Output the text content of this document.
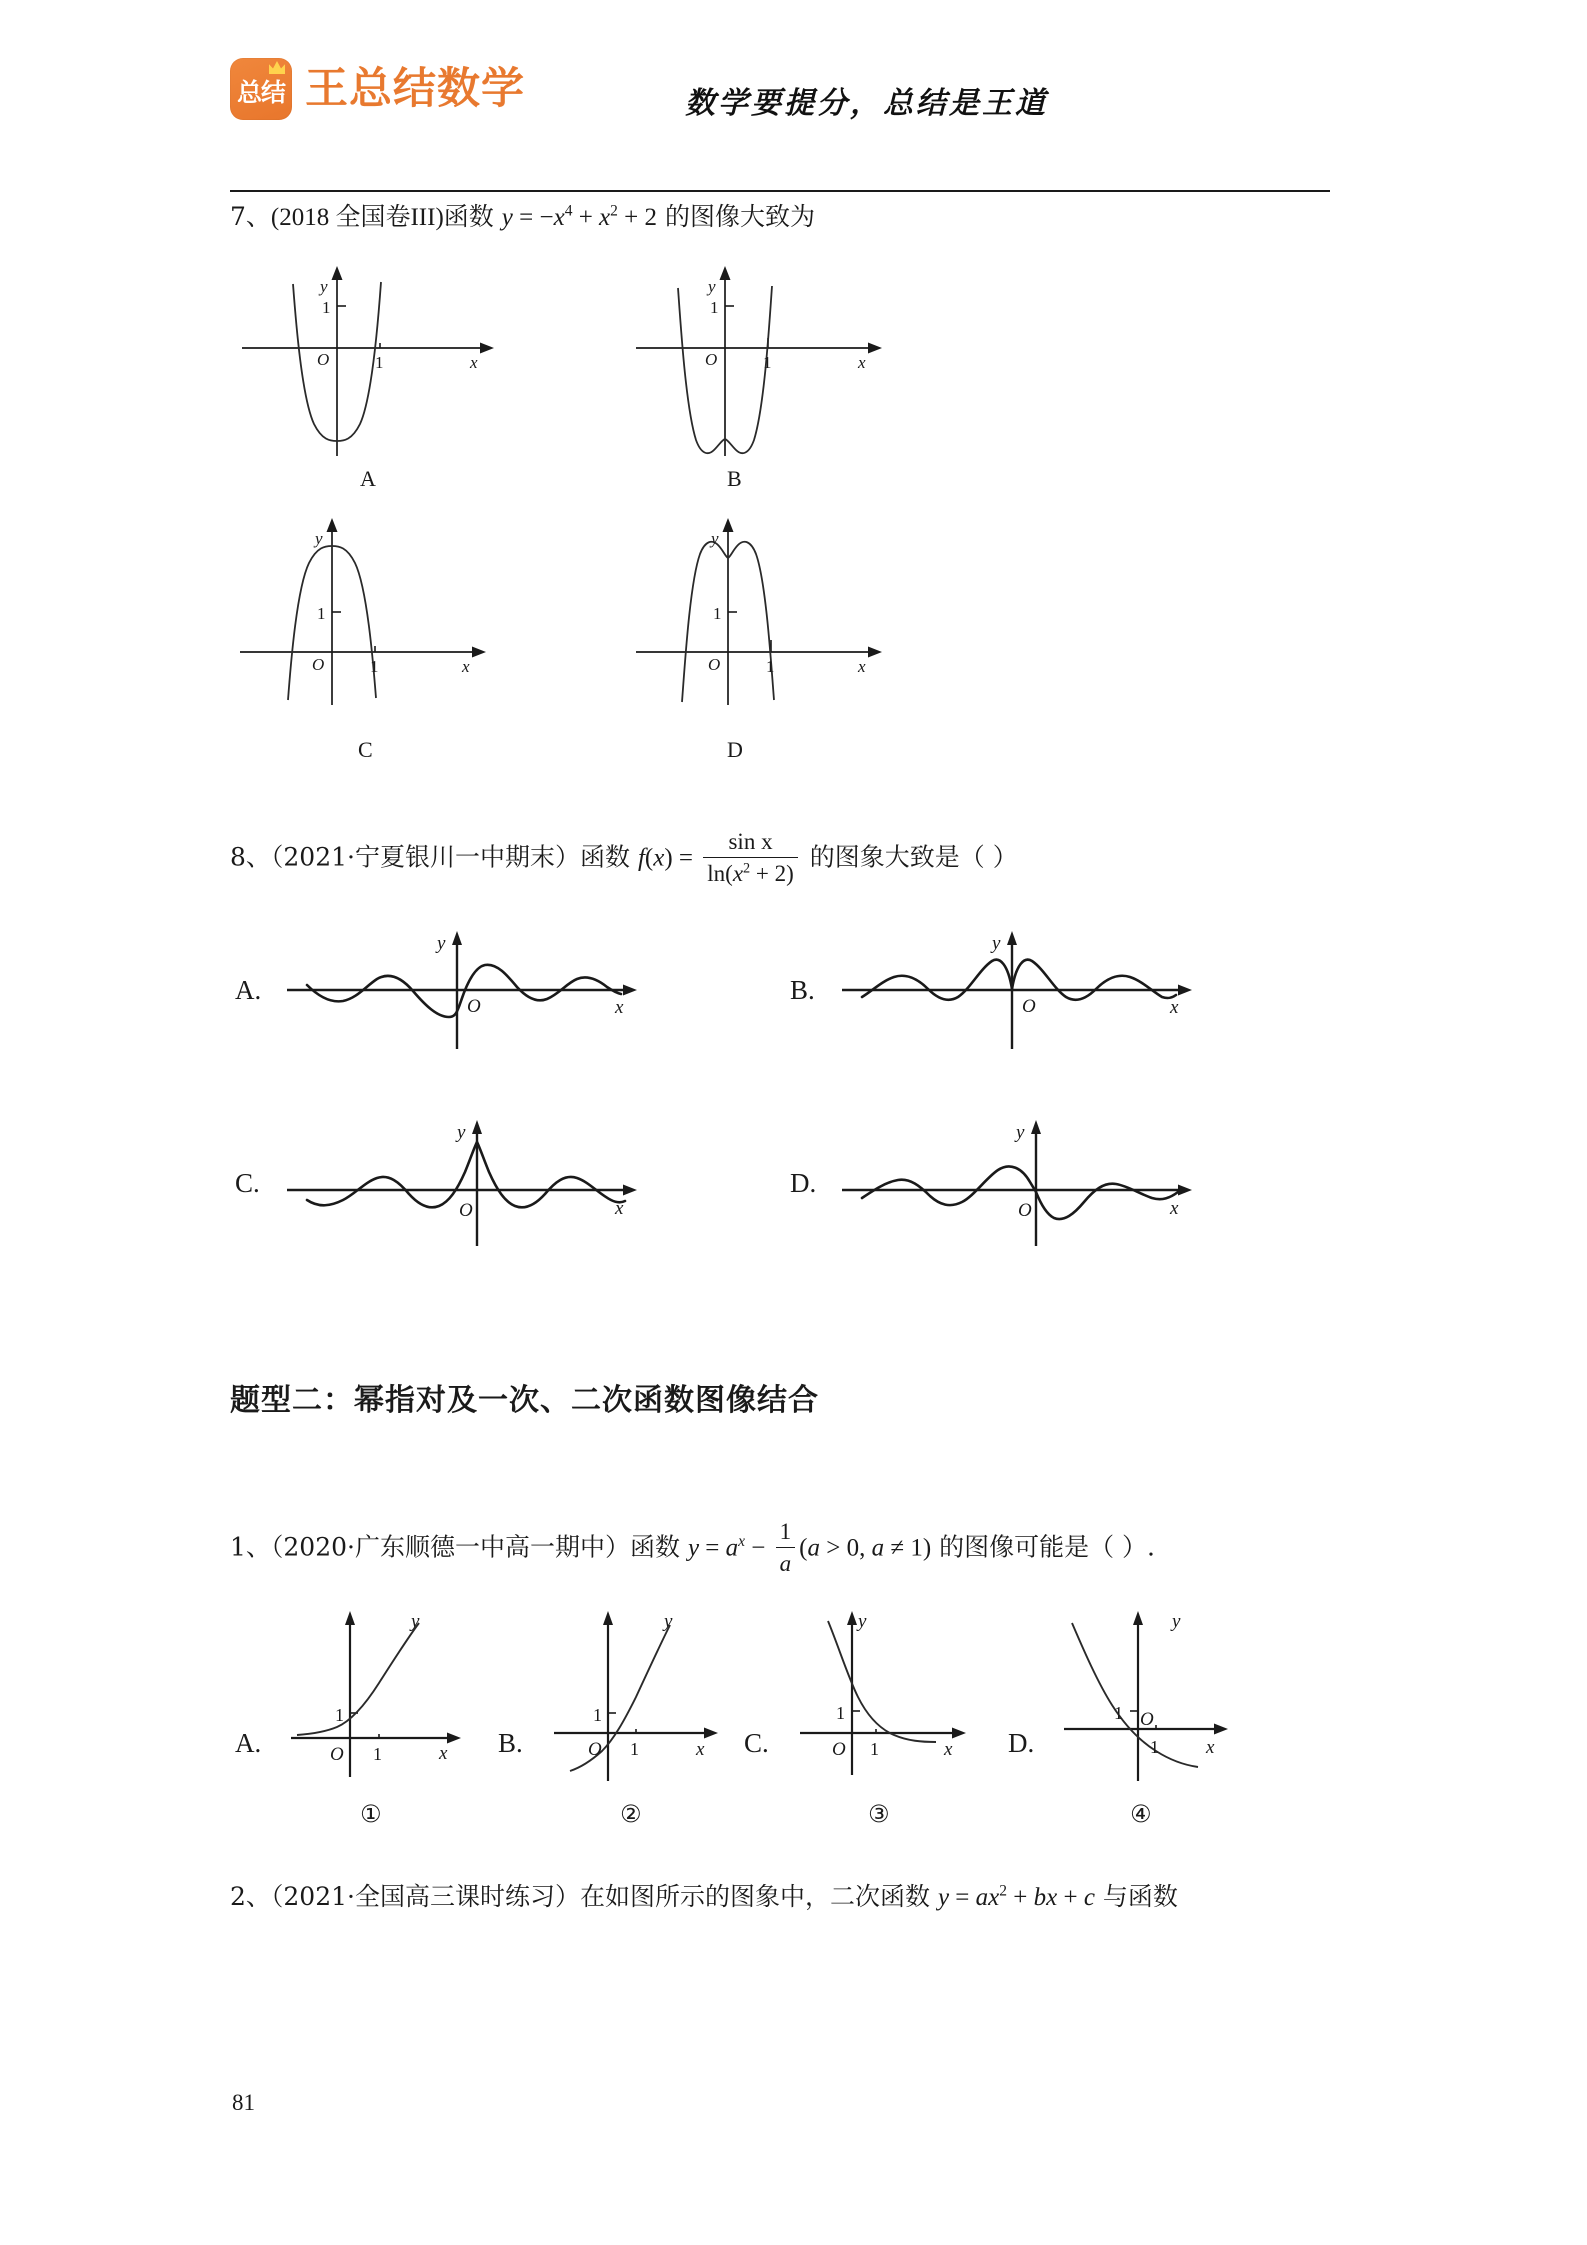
总结 王总结数学	数学要提分，总结是王道
7、(2018 全国卷III)函数 $y = -x^4 + x^2 + 2$ 的图像大致为
y
x
O
1
1
A
y
x
O
1
1
B
y
x
O
1
1
C
y
x
O
1
1
D
8、（2021·宁夏银川一中期末）函数 $f(x) = \frac{\text{sin x}}{\ln(x^2 + 2)}$ 的图象大致是（ ）
A.
y
x
O
B.
y
x
O
C.
y
x
O
D.
y
x
O
题型二：幂指对及一次、二次函数图像结合
1、（2020·广东顺德一中高一期中）函数 $y = a^x - \frac{1}{a} (a > 0$, a ≠ 1) 的图像可能是（ ）.
A.
y
x
O
1
1
①
B.
y
x
O
1
1
②
C.
y
x
O
1
1
③
D.
y
x
O
1
1
④
2、（2021·全国高三课时练习）在如图所示的图象中，二次函数 $y = ax^2$ + bx + c 与函数
81
